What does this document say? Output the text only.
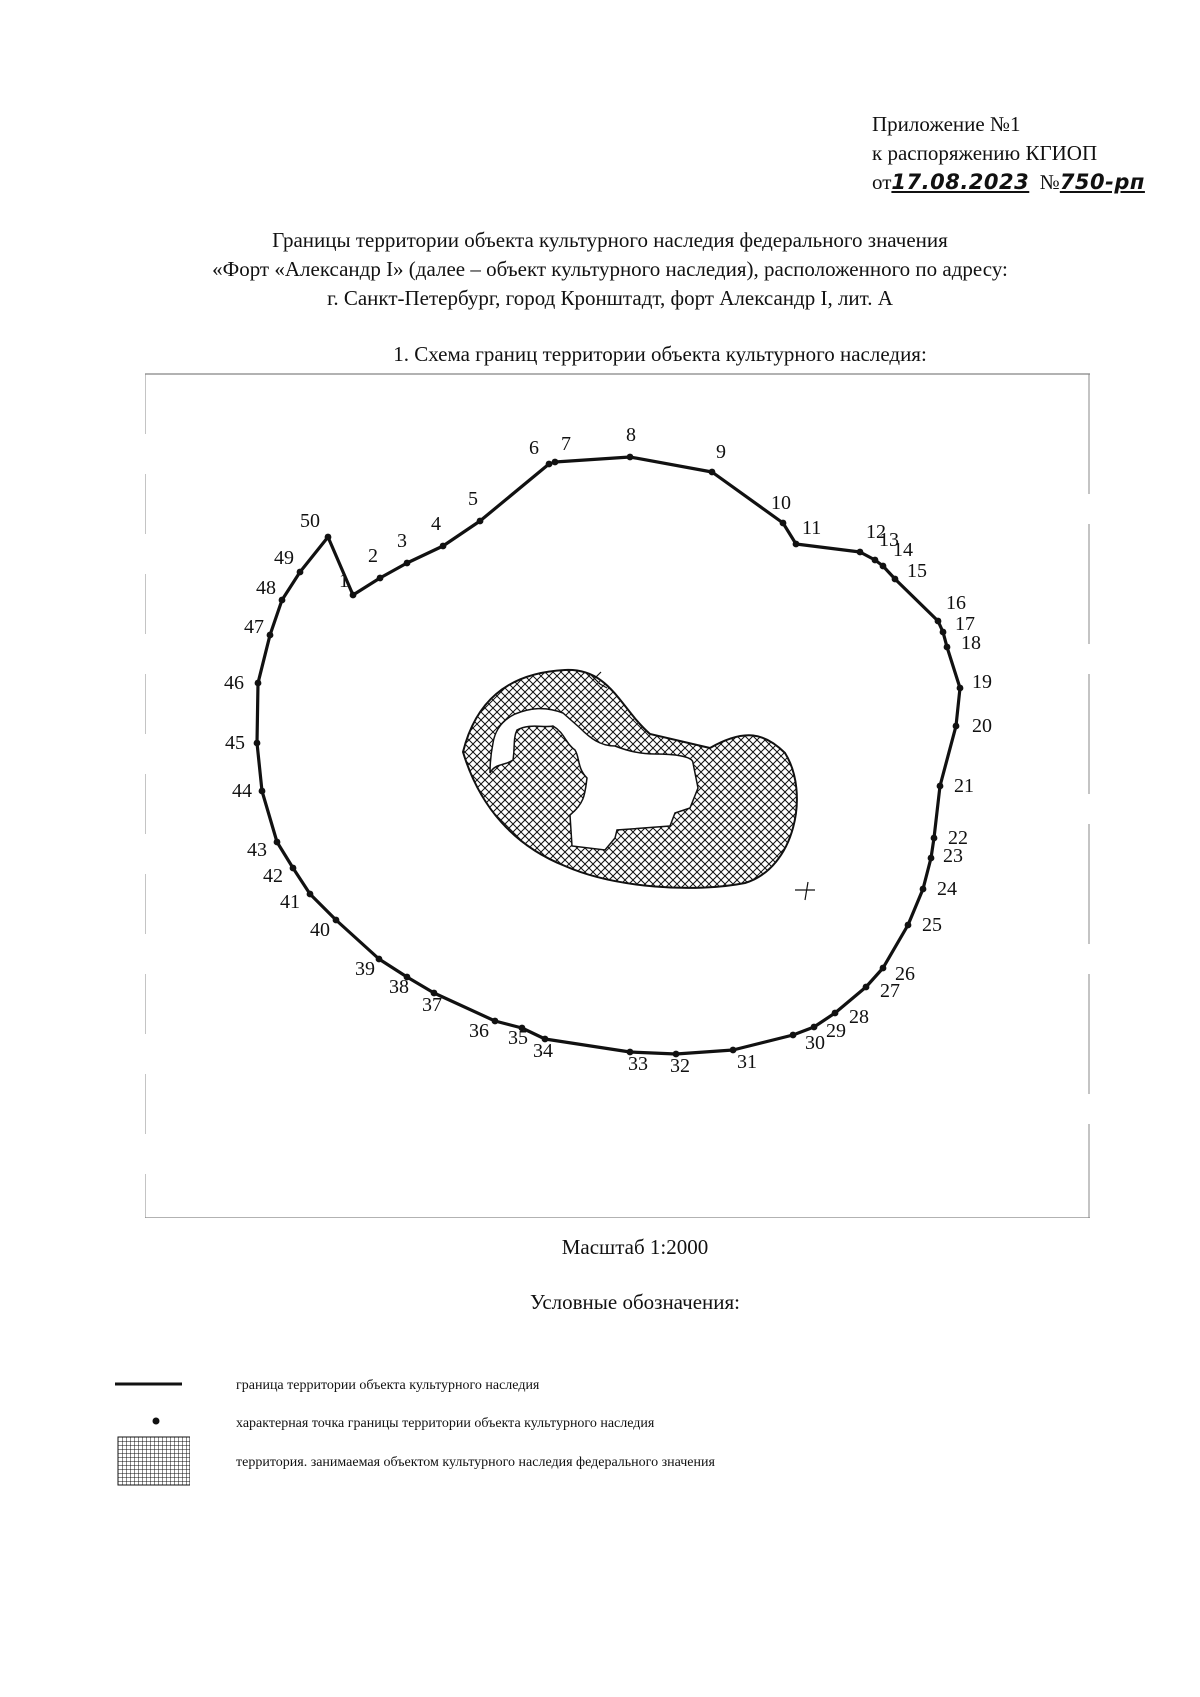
Приложение №1
к распоряжению КГИОП
от17.08.2023 №750-рп
Границы территории объекта культурного наследия федерального значения
«Форт «Александр I» (далее – объект культурного наследия), расположенного по адресу:
г. Санкт-Петербург, город Кронштадт, форт Александр I, лит. А
1. Схема границ территории объекта культурного наследия:
1
2
3
4
5
6 7	8
9
10
11 12
13
14
15
16
17
18
19
20
21
22
23
24
25
26
27
28
29
30
31
32
33
34
35
36
37
38
39
40
41
42
43
44
45
46
47
48
49
50
Масштаб 1:2000
Условные обозначения:
граница территории объекта культурного наследия
характерная точка границы территории объекта культурного наследия
территория. занимаемая объектом культурного наследия федерального значения
